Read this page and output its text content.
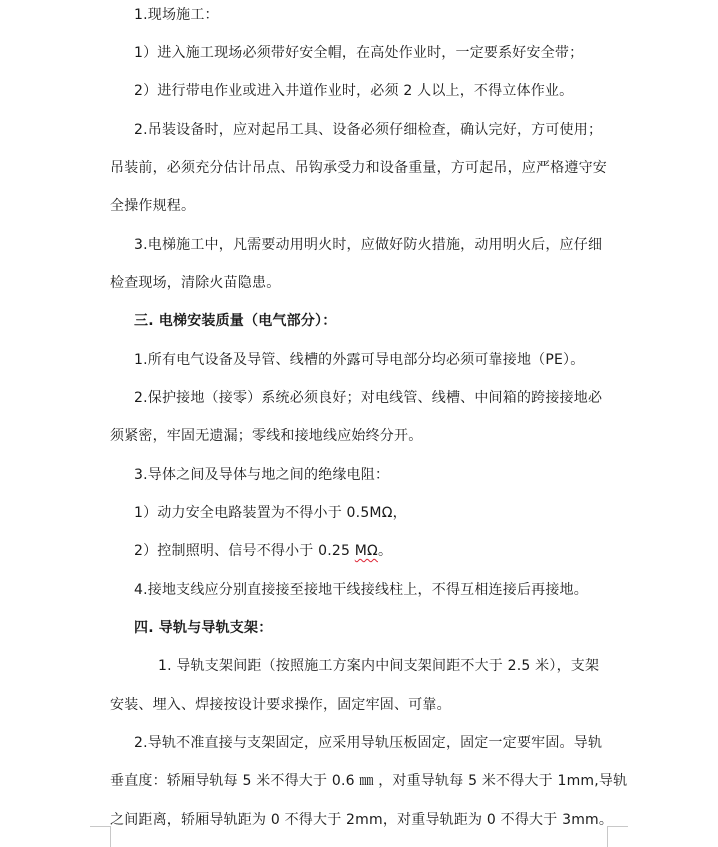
1.现场施工：
1）进入施工现场必须带好安全帽，在高处作业时，一定要系好安全带；
2）进行带电作业或进入井道作业时，必须 2 人以上，不得立体作业。
2.吊装设备时，应对起吊工具、设备必须仔细检查，确认完好，方可使用；
吊装前，必须充分估计吊点、吊钩承受力和设备重量，方可起吊，应严格遵守安
全操作规程。
3.电梯施工中，凡需要动用明火时，应做好防火措施，动用明火后，应仔细
检查现场，清除火苗隐患。
三. 电梯安装质量（电气部分）：
1.所有电气设备及导管、线槽的外露可导电部分均必须可靠接地（PE）。
2.保护接地（接零）系统必须良好；对电线管、线槽、中间箱的跨接接地必
须紧密，牢固无遗漏；零线和接地线应始终分开。
3.导体之间及导体与地之间的绝缘电阻：
1）动力安全电路装置为不得小于 0.5MΩ，
2）控制照明、信号不得小于 0.25 MΩ。
4.接地支线应分别直接接至接地干线接线柱上，不得互相连接后再接地。
四. 导轨与导轨支架：
1. 导轨支架间距（按照施工方案内中间支架间距不大于 2.5 米），支架
安装、埋入、焊接按设计要求操作，固定牢固、可靠。
2.导轨不准直接与支架固定，应采用导轨压板固定，固定一定要牢固。导轨
垂直度：轿厢导轨每 5 米不得大于 0.6 ㎜ ，对重导轨每 5 米不得大于 1mm,导轨
之间距离，轿厢导轨距为 0 不得大于 2mm，对重导轨距为 0 不得大于 3mm。
